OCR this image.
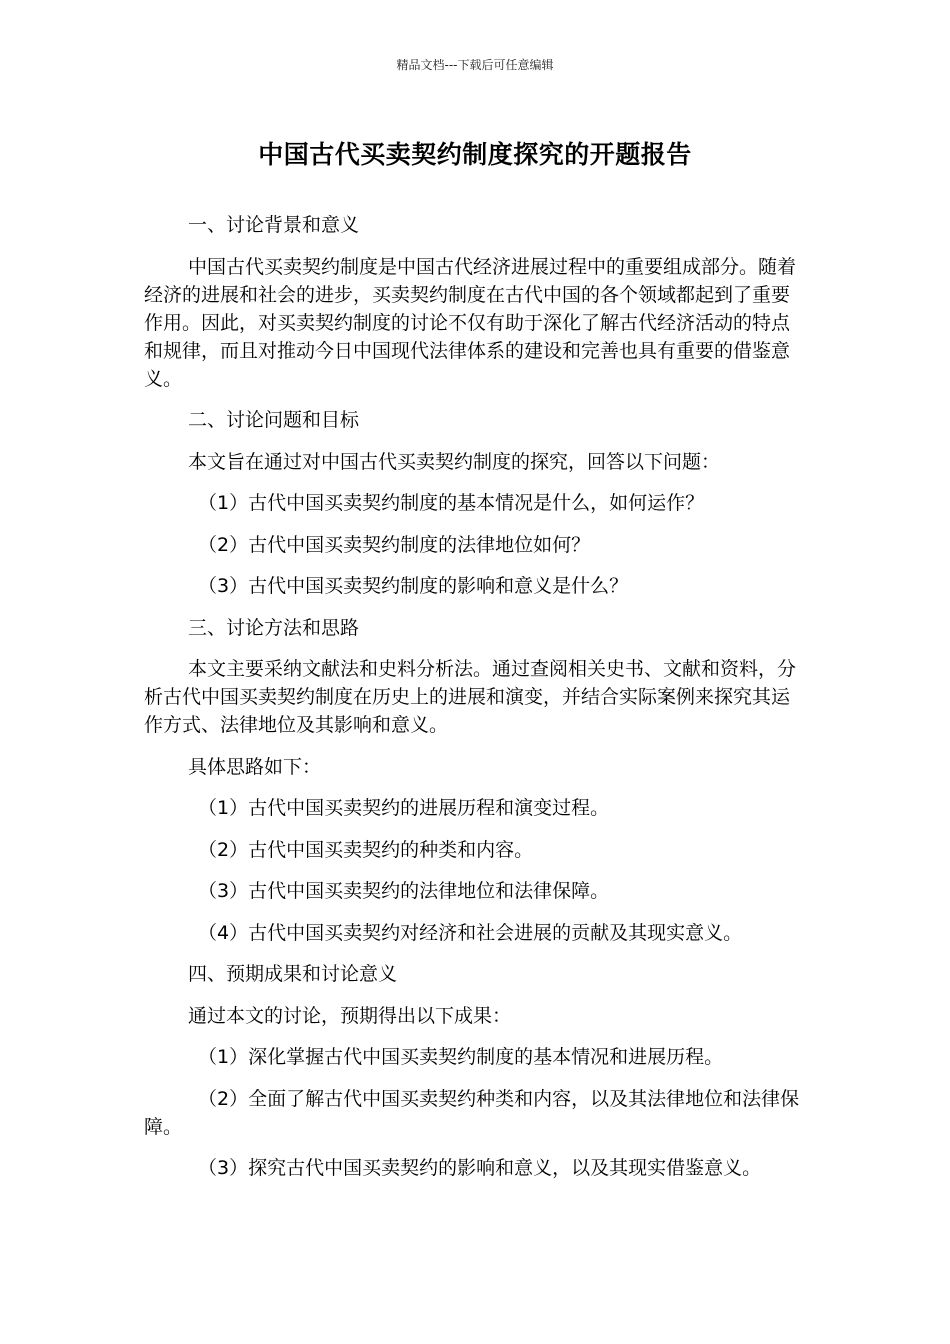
精品文档---下载后可任意编辑
中国古代买卖契约制度探究的开题报告

一、讨论背景和意义

中国古代买卖契约制度是中国古代经济进展过程中的重要组成部分。随着经济的进展和社会的进步，买卖契约制度在古代中国的各个领域都起到了重要作用。因此，对买卖契约制度的讨论不仅有助于深化了解古代经济活动的特点和规律，而且对推动今日中国现代法律体系的建设和完善也具有重要的借鉴意义。

二、讨论问题和目标

本文旨在通过对中国古代买卖契约制度的探究，回答以下问题：

（1）古代中国买卖契约制度的基本情况是什么，如何运作？

（2）古代中国买卖契约制度的法律地位如何？

（3）古代中国买卖契约制度的影响和意义是什么？

三、讨论方法和思路

本文主要采纳文献法和史料分析法。通过查阅相关史书、文献和资料，分析古代中国买卖契约制度在历史上的进展和演变，并结合实际案例来探究其运作方式、法律地位及其影响和意义。

具体思路如下：

（1）古代中国买卖契约的进展历程和演变过程。

（2）古代中国买卖契约的种类和内容。

（3）古代中国买卖契约的法律地位和法律保障。

（4）古代中国买卖契约对经济和社会进展的贡献及其现实意义。

四、预期成果和讨论意义

通过本文的讨论，预期得出以下成果：

（1）深化掌握古代中国买卖契约制度的基本情况和进展历程。

（2）全面了解古代中国买卖契约种类和内容，以及其法律地位和法律保障。

（3）探究古代中国买卖契约的影响和意义，以及其现实借鉴意义。
